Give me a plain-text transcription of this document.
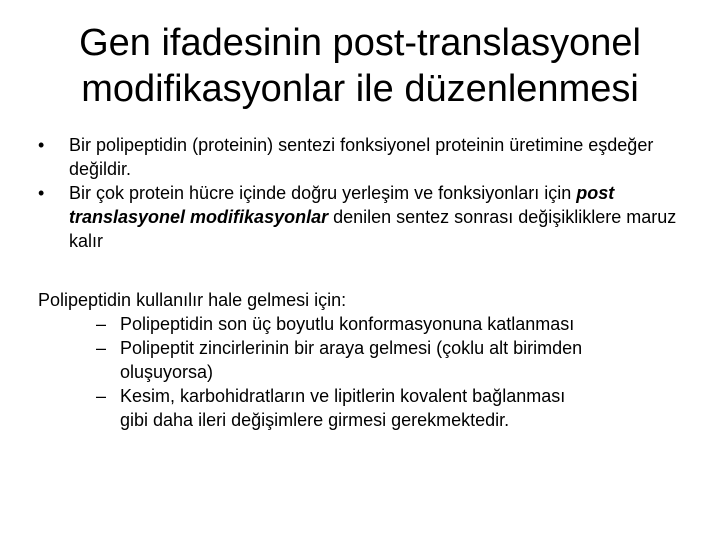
Gen ifadesinin post-translasyonel
modifikasyonlar ile düzenlenmesi
• Bir polipeptidin (proteinin) sentezi fonksiyonel proteinin üretimine eşdeğer değildir.
• Bir çok protein hücre içinde doğru yerleşim ve fonksiyonları için post translasyonel modifikasyonlar denilen sentez sonrası değişikliklere maruz kalır
Polipeptidin kullanılır hale gelmesi için:
– Polipeptidin son üç boyutlu konformasyonuna katlanması
– Polipeptit zincirlerinin bir araya gelmesi (çoklu alt birimden oluşuyorsa)
– Kesim, karbohidratların ve lipitlerin kovalent bağlanması gibi daha ileri değişimlere girmesi gerekmektedir.
